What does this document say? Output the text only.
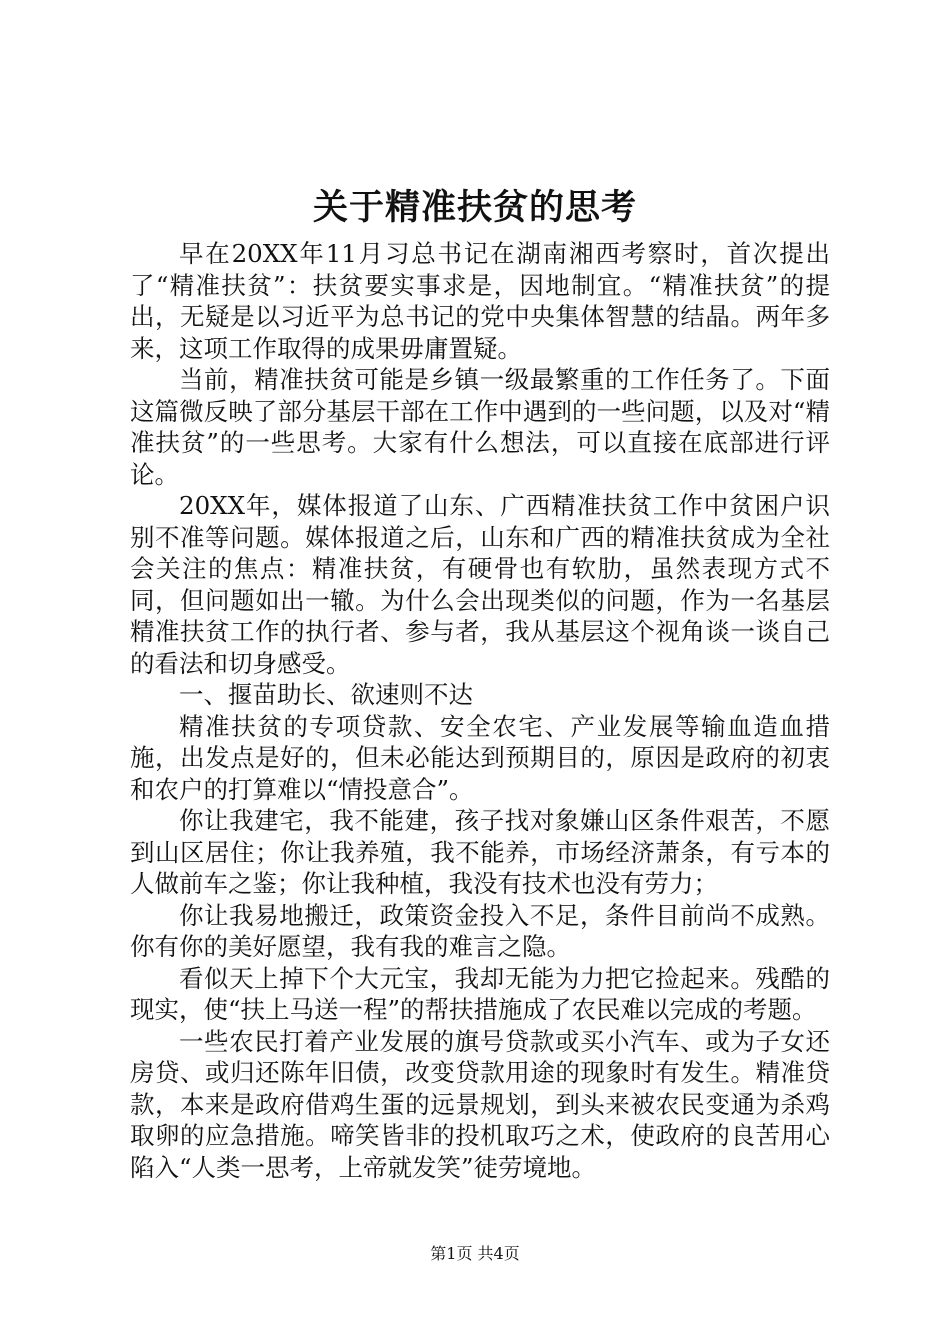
关于精准扶贫的思考

早在20XX年11月习总书记在湖南湘西考察时，首次提出了“精准扶贫”：扶贫要实事求是，因地制宜。“精准扶贫”的提出，无疑是以习近平为总书记的党中央集体智慧的结晶。两年多来，这项工作取得的成果毋庸置疑。

当前，精准扶贫可能是乡镇一级最繁重的工作任务了。下面这篇微反映了部分基层干部在工作中遇到的一些问题，以及对“精准扶贫”的一些思考。大家有什么想法，可以直接在底部进行评论。

20XX年，媒体报道了山东、广西精准扶贫工作中贫困户识别不准等问题。媒体报道之后，山东和广西的精准扶贫成为全社会关注的焦点：精准扶贫，有硬骨也有软肋，虽然表现方式不同，但问题如出一辙。为什么会出现类似的问题，作为一名基层精准扶贫工作的执行者、参与者，我从基层这个视角谈一谈自己的看法和切身感受。

一、揠苗助长、欲速则不达

精准扶贫的专项贷款、安全农宅、产业发展等输血造血措施，出发点是好的，但未必能达到预期目的，原因是政府的初衷和农户的打算难以“情投意合”。

你让我建宅，我不能建，孩子找对象嫌山区条件艰苦，不愿到山区居住；你让我养殖，我不能养，市场经济萧条，有亏本的人做前车之鉴；你让我种植，我没有技术也没有劳力；

你让我易地搬迁，政策资金投入不足，条件目前尚不成熟。你有你的美好愿望，我有我的难言之隐。

看似天上掉下个大元宝，我却无能为力把它捡起来。残酷的现实，使“扶上马送一程”的帮扶措施成了农民难以完成的考题。

一些农民打着产业发展的旗号贷款或买小汽车、或为子女还房贷、或归还陈年旧债，改变贷款用途的现象时有发生。精准贷款，本来是政府借鸡生蛋的远景规划，到头来被农民变通为杀鸡取卵的应急措施。啼笑皆非的投机取巧之术，使政府的良苦用心陷入“人类一思考，上帝就发笑”徒劳境地。

第1页 共4页
